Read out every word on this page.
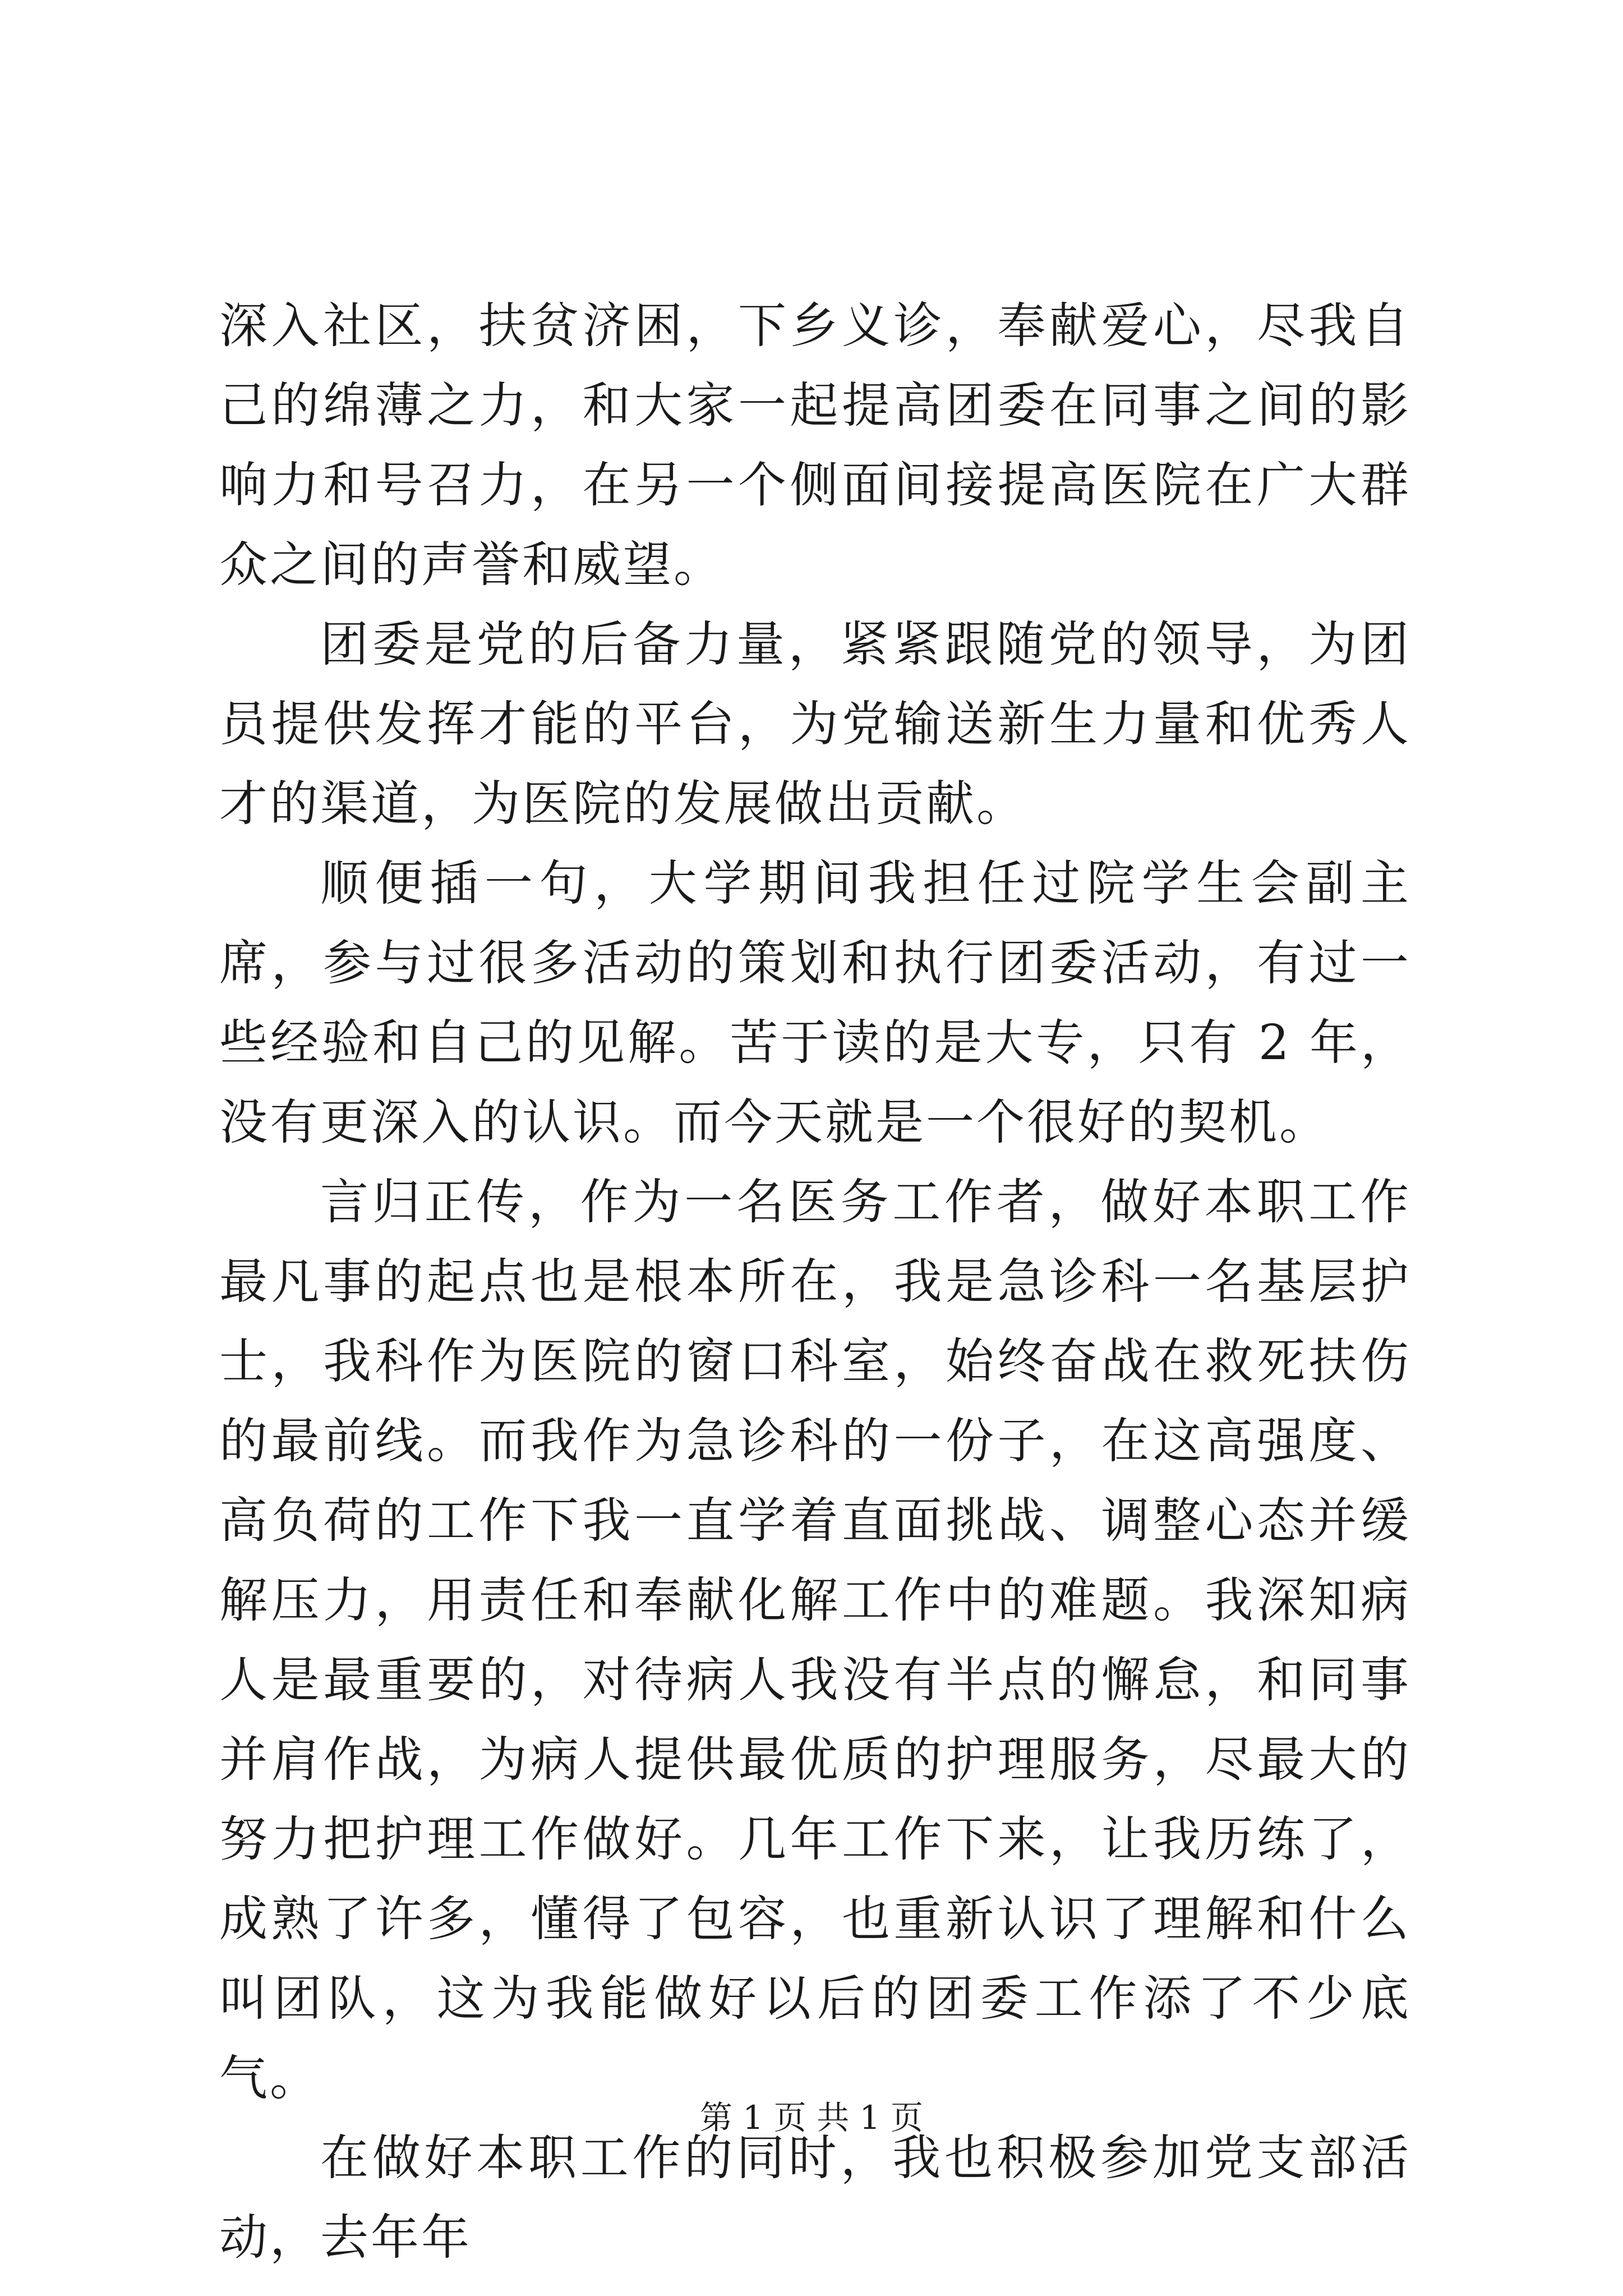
深入社区，扶贫济困，下乡义诊，奉献爱心，尽我自己的绵薄之力，和大家一起提高团委在同事之间的影响力和号召力，在另一个侧面间接提高医院在广大群众之间的声誉和威望。

团委是党的后备力量，紧紧跟随党的领导，为团员提供发挥才能的平台，为党输送新生力量和优秀人才的渠道，为医院的发展做出贡献。

顺便插一句，大学期间我担任过院学生会副主席，参与过很多活动的策划和执行团委活动，有过一些经验和自己的见解。苦于读的是大专，只有 2 年，没有更深入的认识。而今天就是一个很好的契机。

言归正传，作为一名医务工作者，做好本职工作最凡事的起点也是根本所在，我是急诊科一名基层护士，我科作为医院的窗口科室，始终奋战在救死扶伤的最前线。而我作为急诊科的一份子，在这高强度、高负荷的工作下我一直学着直面挑战、调整心态并缓解压力，用责任和奉献化解工作中的难题。我深知病人是最重要的，对待病人我没有半点的懈怠，和同事并肩作战，为病人提供最优质的护理服务，尽最大的努力把护理工作做好。几年工作下来，让我历练了，成熟了许多，懂得了包容，也重新认识了理解和什么叫团队，这为我能做好以后的团委工作添了不少底气。

在做好本职工作的同时，我也积极参加党支部活动，去年年

第 1 页 共 1 页
